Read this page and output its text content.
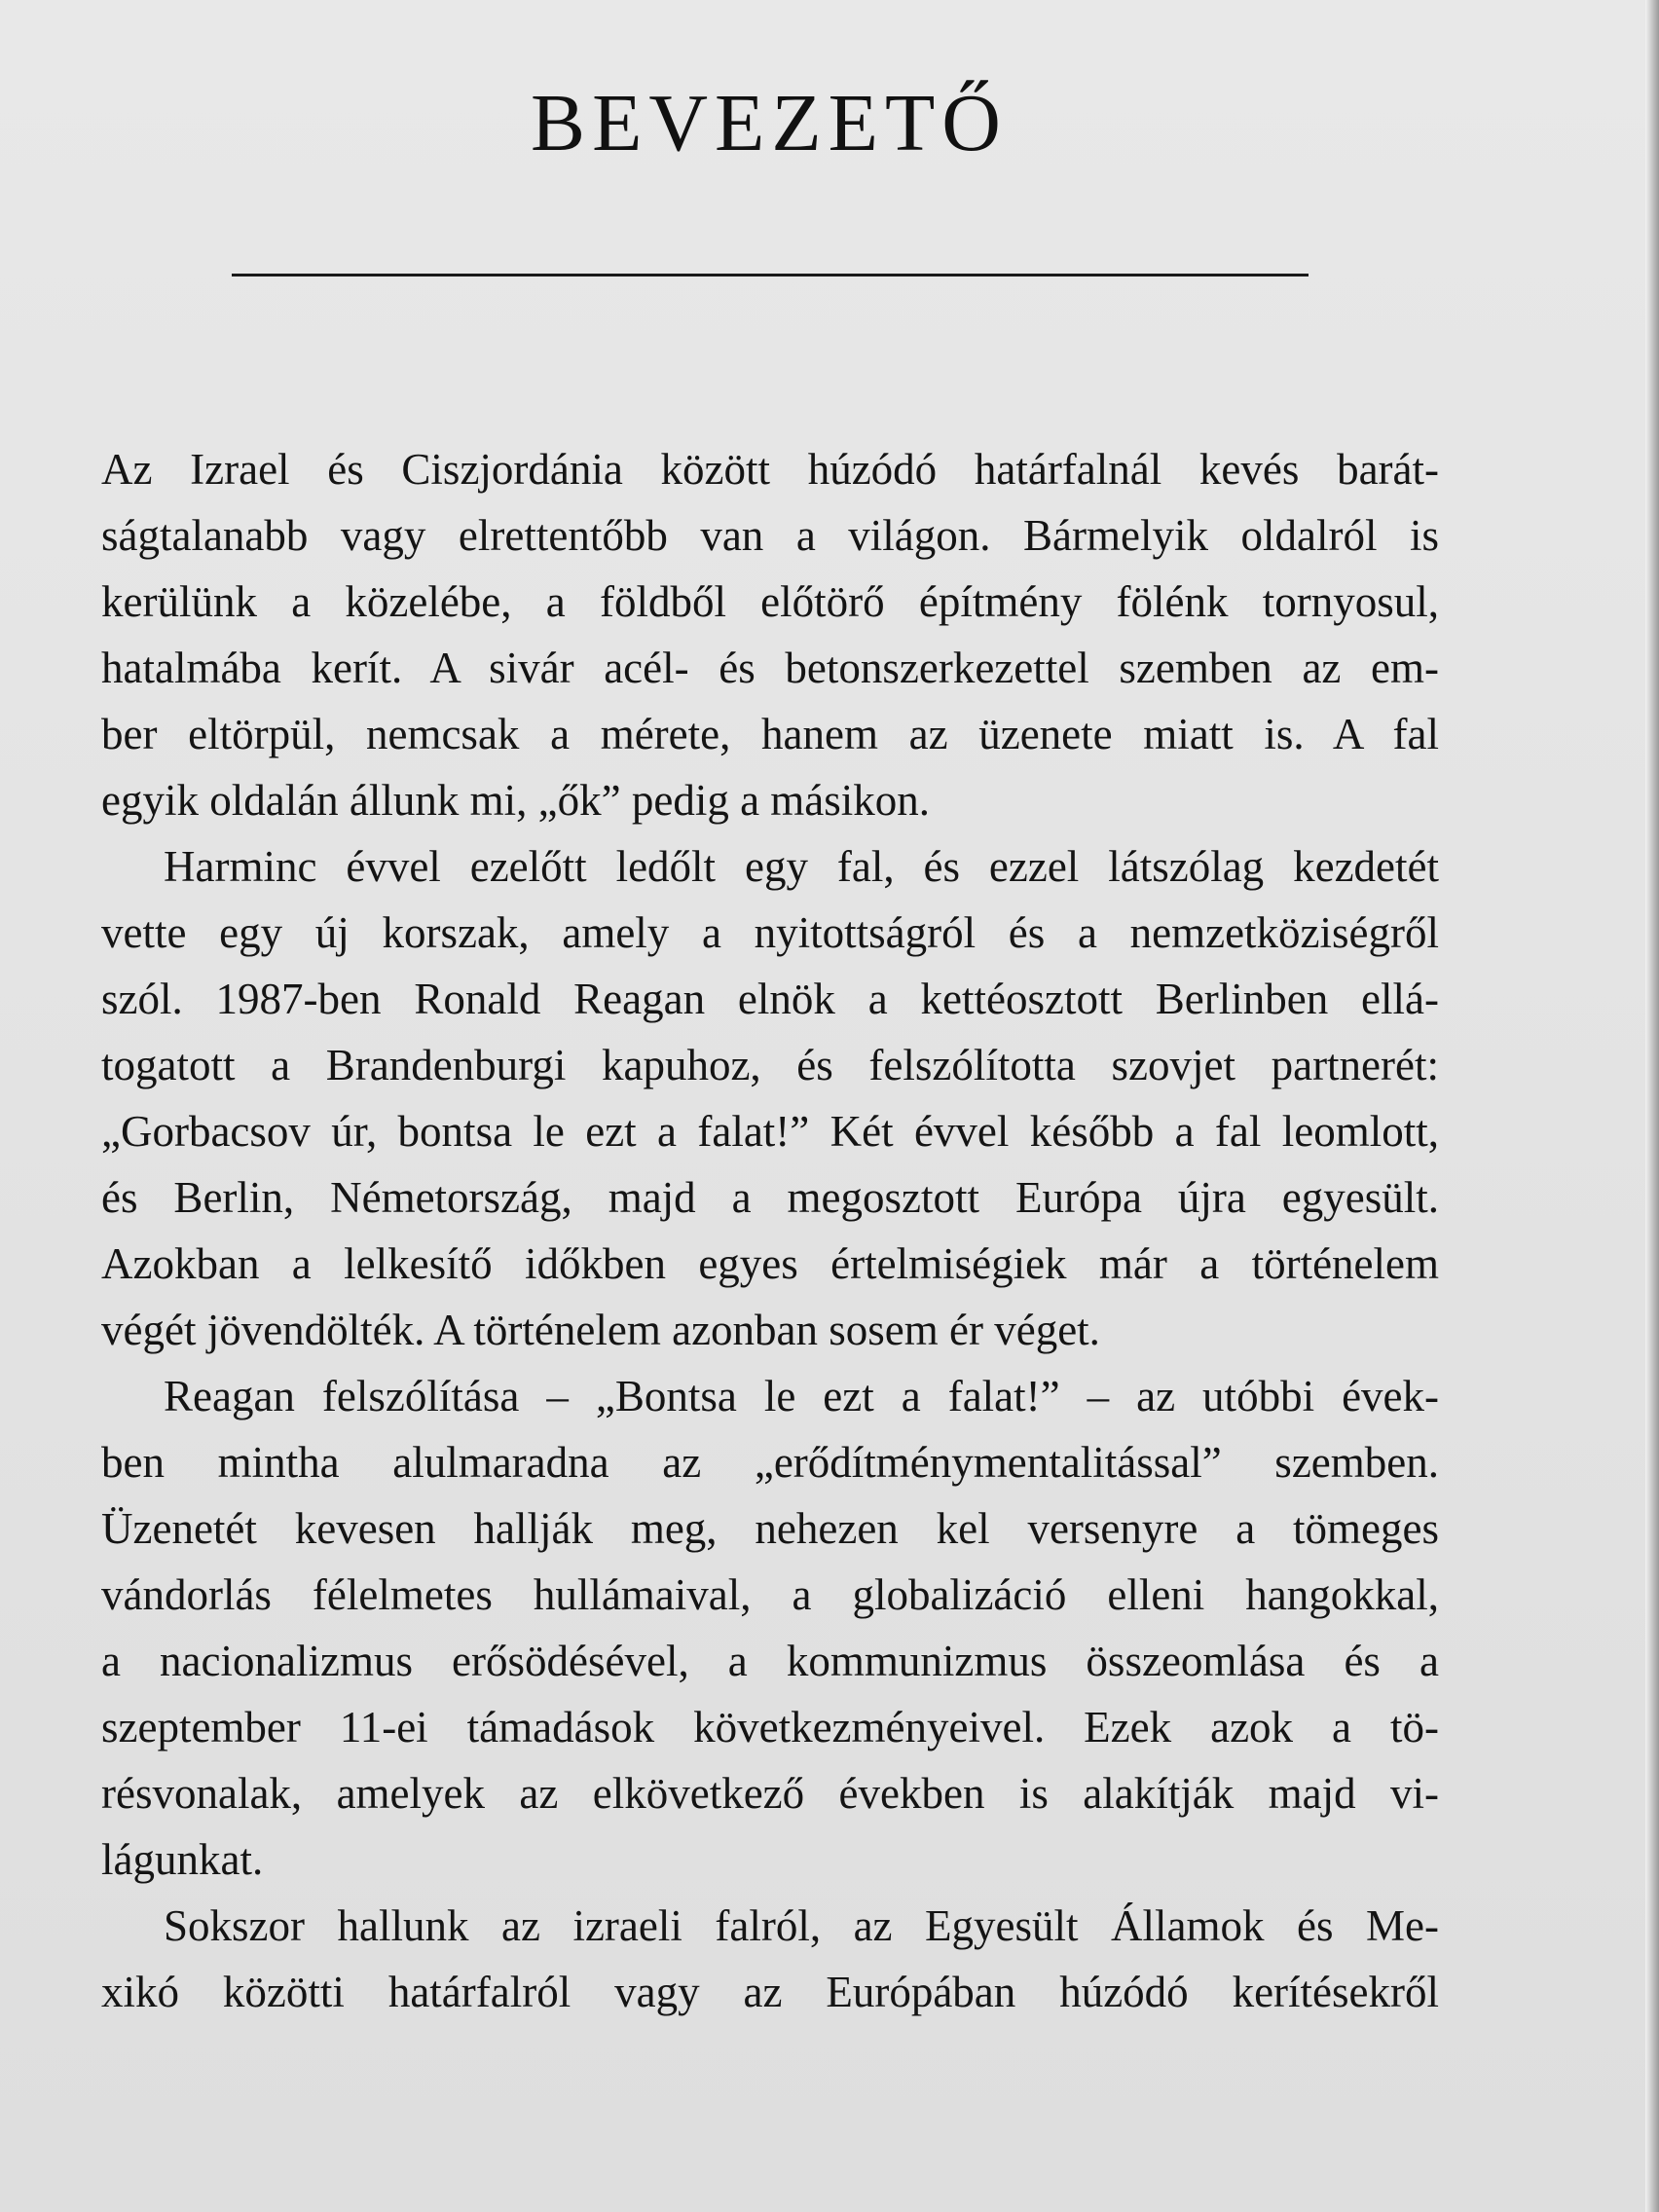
BEVEZETŐ
Az Izrael és Ciszjordánia között húzódó határfalnál kevés barát-
ságtalanabb vagy elrettentőbb van a világon. Bármelyik oldalról is
kerülünk a közelébe, a földből előtörő építmény fölénk tornyosul,
hatalmába kerít. A sivár acél- és betonszerkezettel szemben az em-
ber eltörpül, nemcsak a mérete, hanem az üzenete miatt is. A fal
egyik oldalán állunk mi, „ők” pedig a másikon.
Harminc évvel ezelőtt ledőlt egy fal, és ezzel látszólag kezdetét
vette egy új korszak, amely a nyitottságról és a nemzetköziségről
szól. 1987-ben Ronald Reagan elnök a kettéosztott Berlinben ellá-
togatott a Brandenburgi kapuhoz, és felszólította szovjet partnerét:
„Gorbacsov úr, bontsa le ezt a falat!” Két évvel később a fal leomlott,
és Berlin, Németország, majd a megosztott Európa újra egyesült.
Azokban a lelkesítő időkben egyes értelmiségiek már a történelem
végét jövendölték. A történelem azonban sosem ér véget.
Reagan felszólítása – „Bontsa le ezt a falat!” – az utóbbi évek-
ben mintha alulmaradna az „erődítménymentalitással” szemben.
Üzenetét kevesen hallják meg, nehezen kel versenyre a tömeges
vándorlás félelmetes hullámaival, a globalizáció elleni hangokkal,
a nacionalizmus erősödésével, a kommunizmus összeomlása és a
szeptember 11-ei támadások következményeivel. Ezek azok a tö-
résvonalak, amelyek az elkövetkező években is alakítják majd vi-
lágunkat.
Sokszor hallunk az izraeli falról, az Egyesült Államok és Me-
xikó közötti határfalról vagy az Európában húzódó kerítésekről
